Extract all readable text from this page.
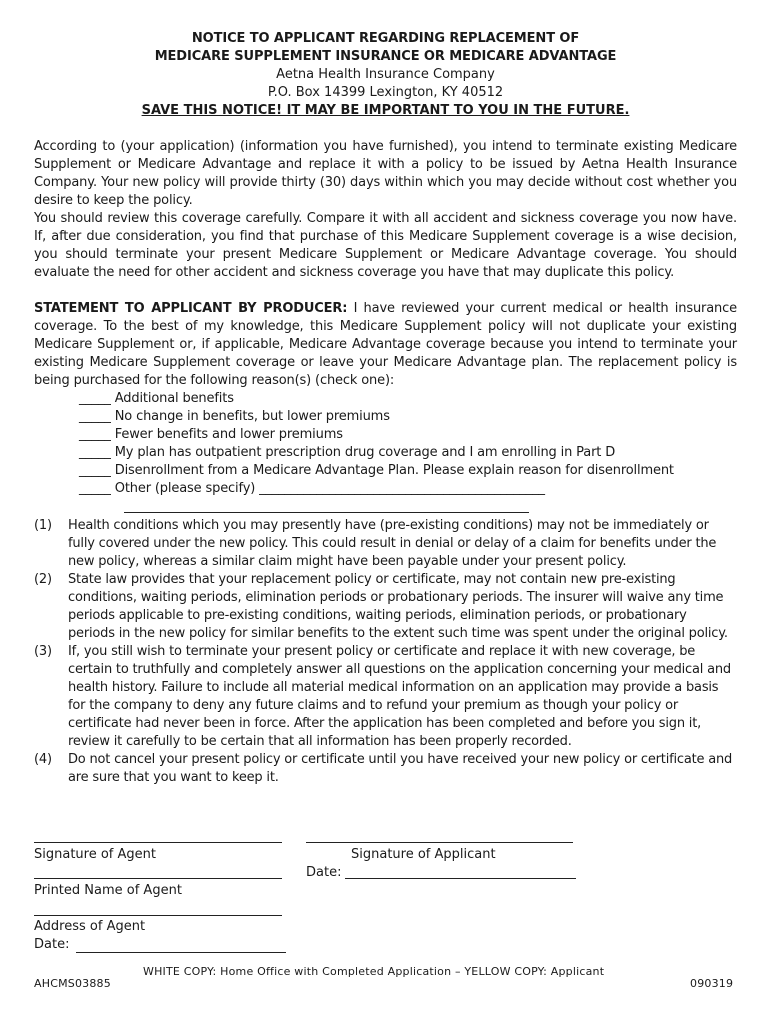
NOTICE TO APPLICANT REGARDING REPLACEMENT OF
MEDICARE SUPPLEMENT INSURANCE OR MEDICARE ADVANTAGE
Aetna Health Insurance Company
P.O. Box 14399 Lexington, KY 40512
SAVE THIS NOTICE! IT MAY BE IMPORTANT TO YOU IN THE FUTURE.
According to (your application) (information you have furnished), you intend to terminate existing Medicare Supplement or Medicare Advantage and replace it with a policy to be issued by Aetna Health Insurance Company. Your new policy will provide thirty (30) days within which you may decide without cost whether you desire to keep the policy.
You should review this coverage carefully. Compare it with all accident and sickness coverage you now have. If, after due consideration, you find that purchase of this Medicare Supplement coverage is a wise decision, you should terminate your present Medicare Supplement or Medicare Advantage coverage. You should evaluate the need for other accident and sickness coverage you have that may duplicate this policy.
STATEMENT TO APPLICANT BY PRODUCER: I have reviewed your current medical or health insurance coverage. To the best of my knowledge, this Medicare Supplement policy will not duplicate your existing Medicare Supplement or, if applicable, Medicare Advantage coverage because you intend to terminate your existing Medicare Supplement coverage or leave your Medicare Advantage plan. The replacement policy is being purchased for the following reason(s) (check one):
_____ Additional benefits
_____ No change in benefits, but lower premiums
_____ Fewer benefits and lower premiums
_____ My plan has outpatient prescription drug coverage and I am enrolling in Part D
_____ Disenrollment from a Medicare Advantage Plan. Please explain reason for disenrollment
_____ Other (please specify) _____________________________________________
(1)	Health conditions which you may presently have (pre-existing conditions) may not be immediately or fully covered under the new policy. This could result in denial or delay of a claim for benefits under the new policy, whereas a similar claim might have been payable under your present policy.
(2)	State law provides that your replacement policy or certificate, may not contain new pre-existing conditions, waiting periods, elimination periods or probationary periods. The insurer will waive any time periods applicable to pre-existing conditions, waiting periods, elimination periods, or probationary periods in the new policy for similar benefits to the extent such time was spent under the original policy.
(3)	If, you still wish to terminate your present policy or certificate and replace it with new coverage, be certain to truthfully and completely answer all questions on the application concerning your medical and health history. Failure to include all material medical information on an application may provide a basis for the company to deny any future claims and to refund your premium as though your policy or certificate had never been in force. After the application has been completed and before you sign it, review it carefully to be certain that all information has been properly recorded.
(4)	Do not cancel your present policy or certificate until you have received your new policy or certificate and are sure that you want to keep it.
Signature of Agent	Signature of Applicant
Date:
Printed Name of Agent
Address of Agent
Date:
WHITE COPY: Home Office with Completed Application – YELLOW COPY: Applicant
AHCMS03885	090319
